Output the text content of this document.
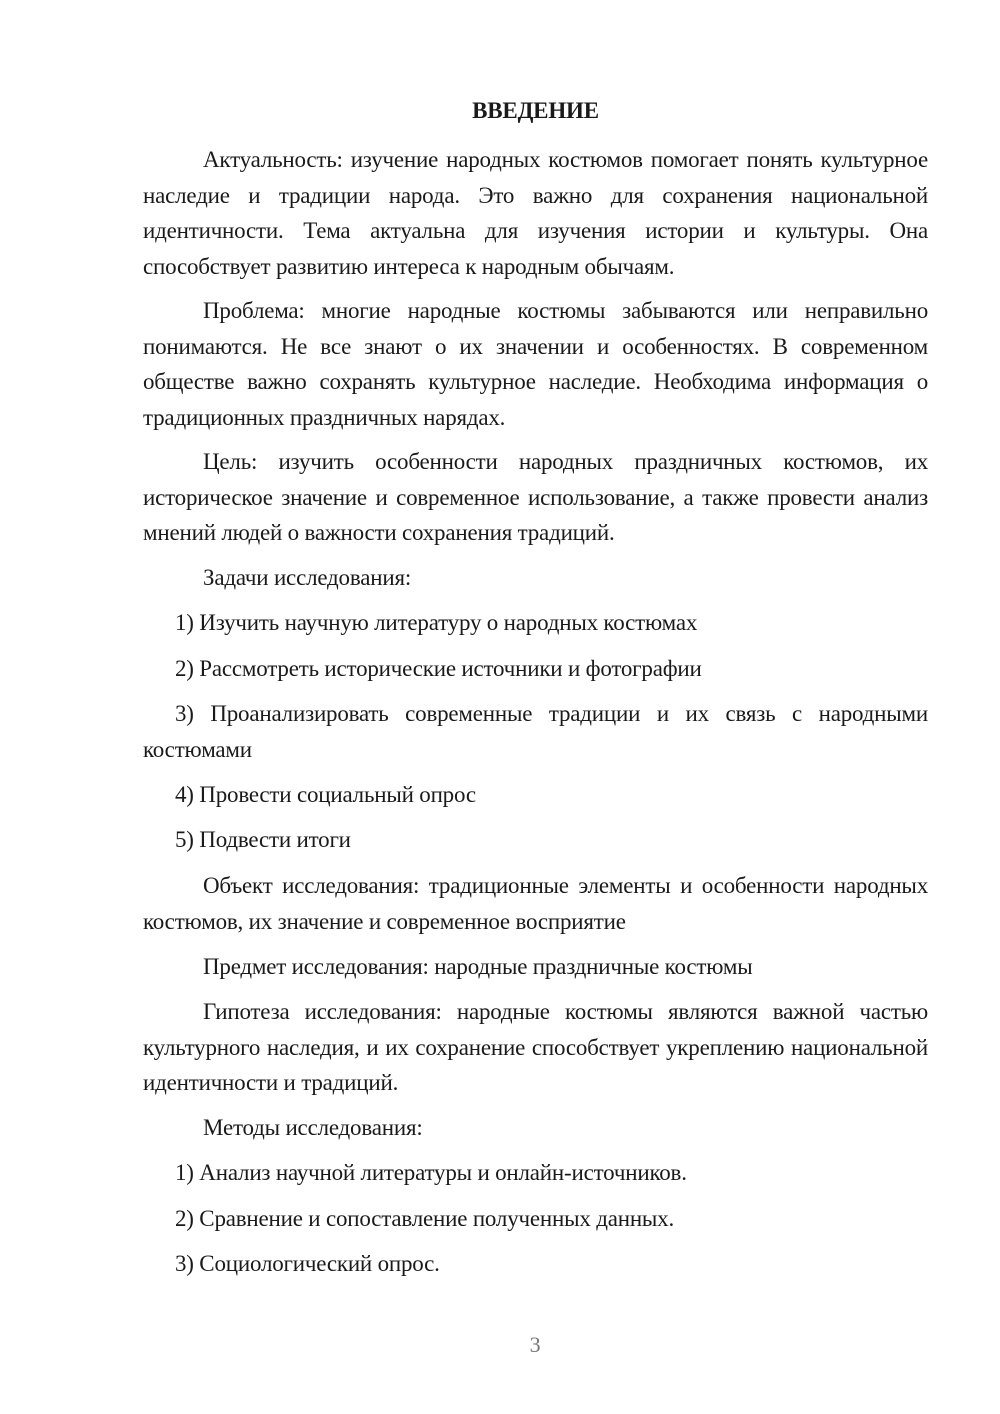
ВВЕДЕНИЕ

Актуальность: изучение народных костюмов помогает понять культурное наследие и традиции народа. Это важно для сохранения национальной идентичности. Тема актуальна для изучения истории и культуры. Она способствует развитию интереса к народным обычаям.

Проблема: многие народные костюмы забываются или неправильно понимаются. Не все знают о их значении и особенностях. В современном обществе важно сохранять культурное наследие. Необходима информация о традиционных праздничных нарядах.

Цель: изучить особенности народных праздничных костюмов, их историческое значение и современное использование, а также провести анализ мнений людей о важности сохранения традиций.

Задачи исследования:

1) Изучить научную литературу о народных костюмах

2) Рассмотреть исторические источники и фотографии

3) Проанализировать современные традиции и их связь с народными костюмами

4) Провести социальный опрос

5) Подвести итоги

Объект исследования: традиционные элементы и особенности народных костюмов, их значение и современное восприятие

Предмет исследования: народные праздничные костюмы

Гипотеза исследования: народные костюмы являются важной частью культурного наследия, и их сохранение способствует укреплению национальной идентичности и традиций.

Методы исследования:

1) Анализ научной литературы и онлайн-источников.

2) Сравнение и сопоставление полученных данных.

3) Социологический опрос.

3
